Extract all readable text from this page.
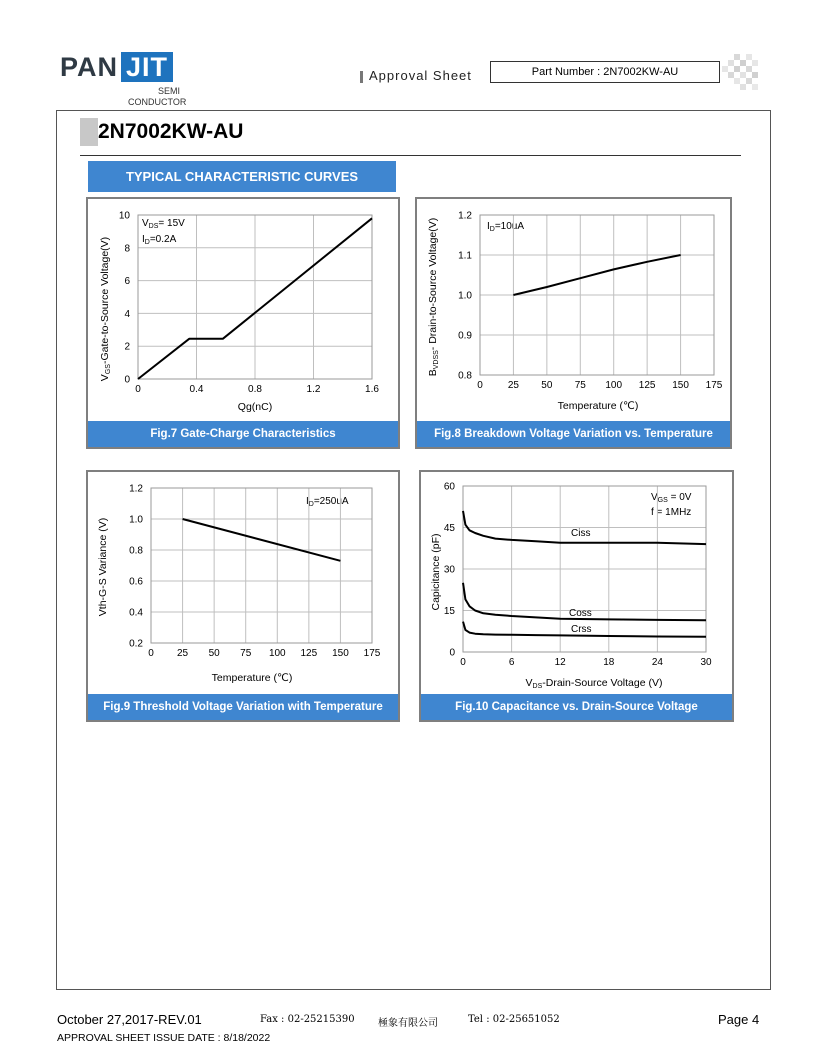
PAN JIT
SEMI
CONDUCTOR
Approval Sheet	Part Number : 2N7002KW-AU
2N7002KW-AU
TYPICAL CHARACTERISTIC CURVES
VGS-Gate-to-Source Voltage(V)
Qg(nC)
$V_{DS}= 15V$
$I_D=0.2A$
0	0.4	0.8	1.2	1.6
0
2
4
6
8
10
Fig.7 Gate-Charge Characteristics
BVDSS- Drain-to-Source Voltage(V)
Temperature (℃)
$I_D=10uA$
0	25 50 75 100 125 150 175
0.8
0.9
1.0
1.1
1.2
Fig.8 Breakdown Voltage Variation vs. Temperature
Vth-G-S Variance (V)
Temperature (℃)
$I_D=250uA$
0 25 50 75 100 125 150 175
0.2
0.4
0.6
0.8
1.0
1.2
Fig.9 Threshold Voltage Variation with Temperature
Capicitance (pF)
VDS-Drain-Source Voltage (V)
$V_{GS} = 0V$
f = 1MHz
0	6	12	18	24	30
0
15
30
45
60
Ciss
Coss
Crss
Fig.10 Capacitance vs. Drain-Source Voltage
October 27,2017-REV.01	Fax : 02-25215390 極象有限公司	Tel : 02-25651052	Page 4
APPROVAL SHEET ISSUE DATE : 8/18/2022
